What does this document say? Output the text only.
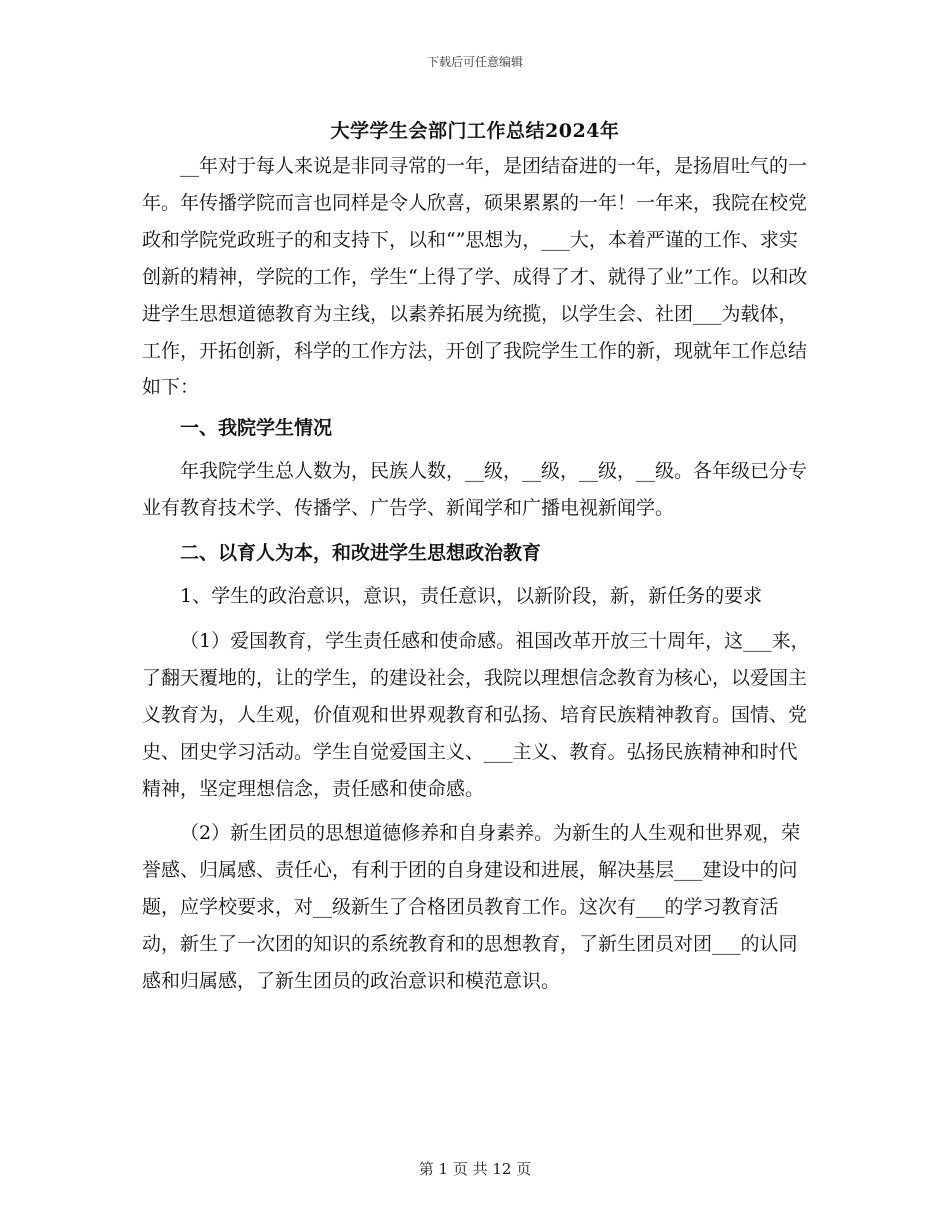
下载后可任意编辑
大学学生会部门工作总结2024年

__年对于每人来说是非同寻常的一年，是团结奋进的一年，是扬眉吐气的一年。年传播学院而言也同样是令人欣喜，硕果累累的一年！一年来，我院在校党政和学院党政班子的和支持下，以和“”思想为，___大，本着严谨的工作、求实创新的精神，学院的工作，学生“上得了学、成得了才、就得了业”工作。以和改进学生思想道德教育为主线，以素养拓展为统揽，以学生会、社团___为载体，工作，开拓创新，科学的工作方法，开创了我院学生工作的新，现就年工作总结如下：

一、我院学生情况

年我院学生总人数为，民族人数，__级，__级，__级，__级。各年级已分专业有教育技术学、传播学、广告学、新闻学和广播电视新闻学。

二、以育人为本，和改进学生思想政治教育

1、学生的政治意识，意识，责任意识，以新阶段，新，新任务的要求

（1）爱国教育，学生责任感和使命感。祖国改革开放三十周年，这___来，了翻天覆地的，让的学生，的建设社会，我院以理想信念教育为核心，以爱国主义教育为，人生观，价值观和世界观教育和弘扬、培育民族精神教育。国情、党史、团史学习活动。学生自觉爱国主义、___主义、教育。弘扬民族精神和时代精神，坚定理想信念，责任感和使命感。

（2）新生团员的思想道德修养和自身素养。为新生的人生观和世界观，荣誉感、归属感、责任心，有利于团的自身建设和进展，解决基层___建设中的问题，应学校要求，对__级新生了合格团员教育工作。这次有___的学习教育活动，新生了一次团的知识的系统教育和的思想教育，了新生团员对团___的认同感和归属感，了新生团员的政治意识和模范意识。

第 1 页 共 12 页
